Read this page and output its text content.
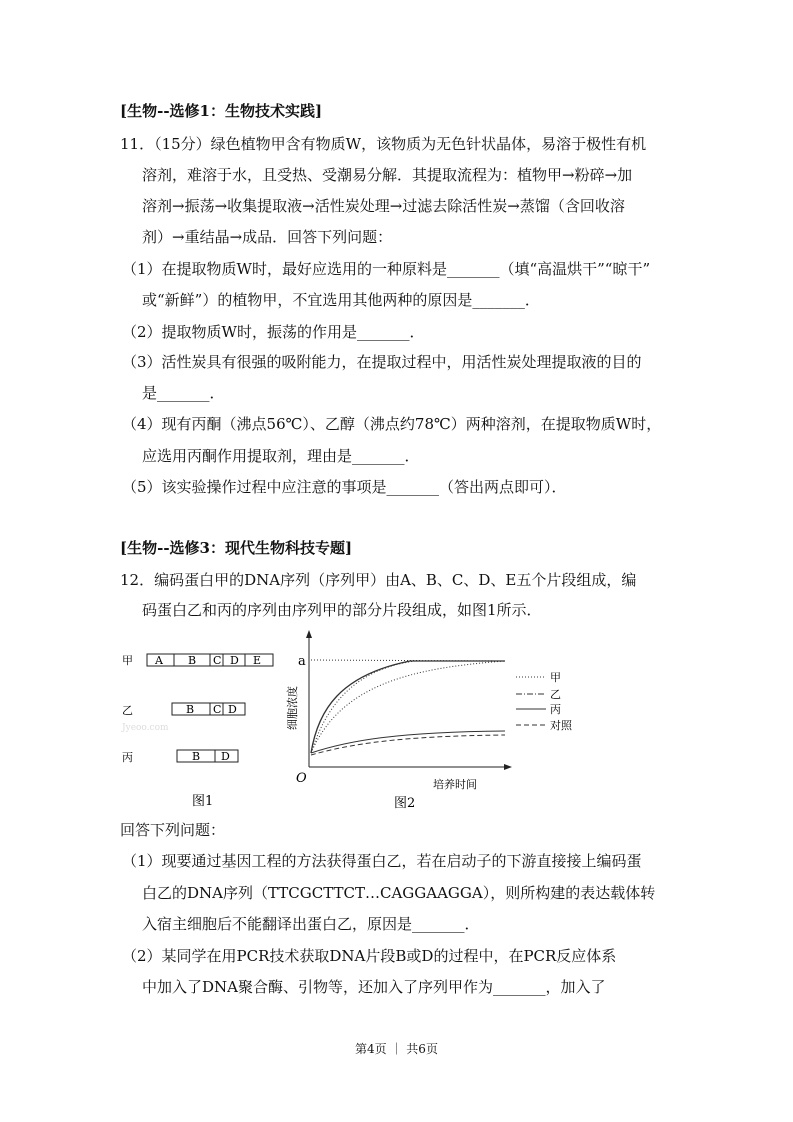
[生物--选修1：生物技术实践]
11．（15分）绿色植物甲含有物质W，该物质为无色针状晶体，易溶于极性有机
溶剂，难溶于水，且受热、受潮易分解．其提取流程为：植物甲→粉碎→加
溶剂→振荡→收集提取液→活性炭处理→过滤去除活性炭→蒸馏（含回收溶
剂）→重结晶→成品．回答下列问题：
（1）在提取物质W时，最好应选用的一种原料是_______（填“高温烘干”“晾干”
或“新鲜”）的植物甲，不宜选用其他两种的原因是_______．
（2）提取物质W时，振荡的作用是_______．
（3）活性炭具有很强的吸附能力，在提取过程中，用活性炭处理提取液的目的
是_______．
（4）现有丙酮（沸点56℃）、乙醇（沸点约78℃）两种溶剂，在提取物质W时，
应选用丙酮作用提取剂，理由是_______．
（5）该实验操作过程中应注意的事项是_______（答出两点即可）．
[生物--选修3：现代生物科技专题]
12．编码蛋白甲的DNA序列（序列甲）由A、B、C、D、E五个片段组成，编
码蛋白乙和丙的序列由序列甲的部分片段组成，如图1所示．
甲 A B C D E
乙	B C D
丙	B D
Jyeoo.com
图1
a
O	培养时间
细胞浓度
甲
乙
丙
对照
图2
回答下列问题：
（1）现要通过基因工程的方法获得蛋白乙，若在启动子的下游直接接上编码蛋
白乙的DNA序列（TTCGCTTCT…CAGGAAGGA），则所构建的表达载体转
入宿主细胞后不能翻译出蛋白乙，原因是_______．
（2）某同学在用PCR技术获取DNA片段B或D的过程中，在PCR反应体系
中加入了DNA聚合酶、引物等，还加入了序列甲作为_______，加入了
第4页 ｜ 共6页
